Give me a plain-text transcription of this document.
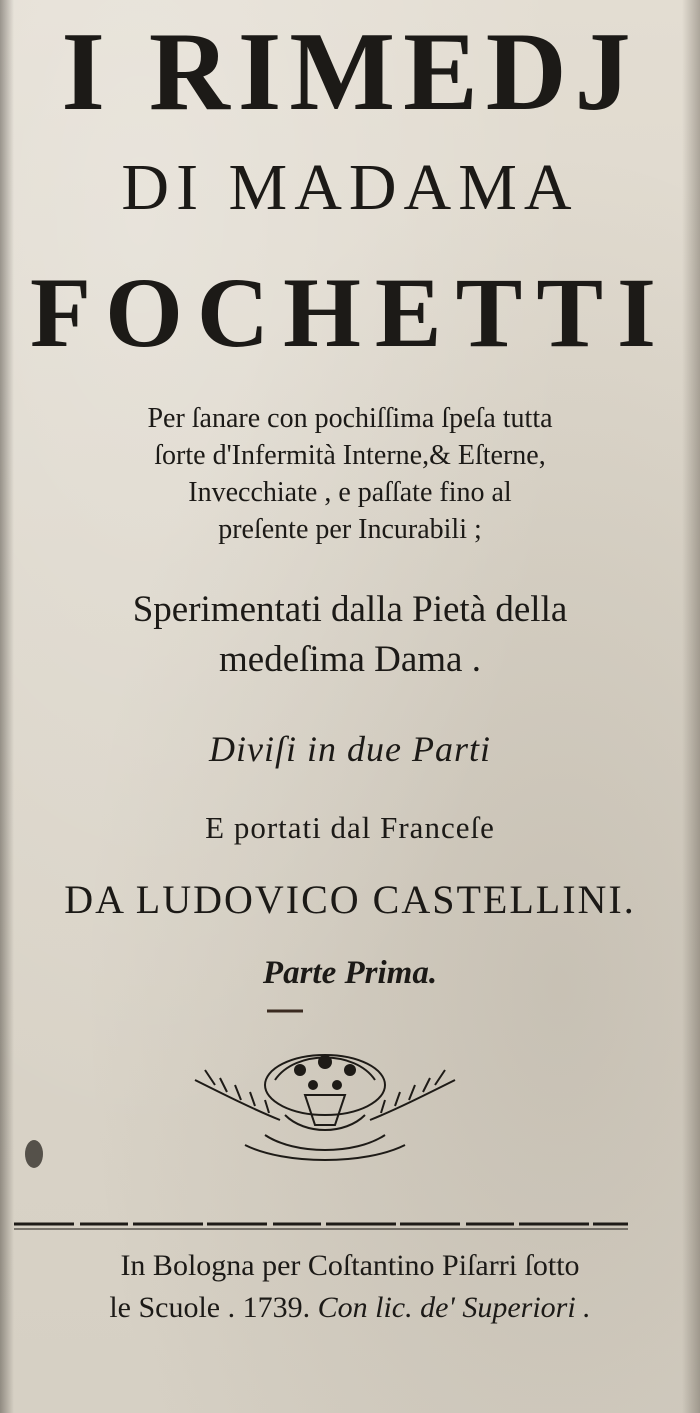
I RIMEDJ
DI MADAMA
FOCHETTI
Per ſanare con pochiſſima ſpeſa tutta
ſorte d'Infermità Interne,& Eſterne,
Invecchiate , e paſſate fino al
preſente per Incurabili ;
Sperimentati dalla Pietà della
medeſima Dama .
Diviſi in due Parti
E portati dal Franceſe
DA LUDOVICO CASTELLINI.
Parte Prima.
In Bologna per Coſtantino Piſarri ſotto
le Scuole . 1739. Con lic. de' Superiori .
